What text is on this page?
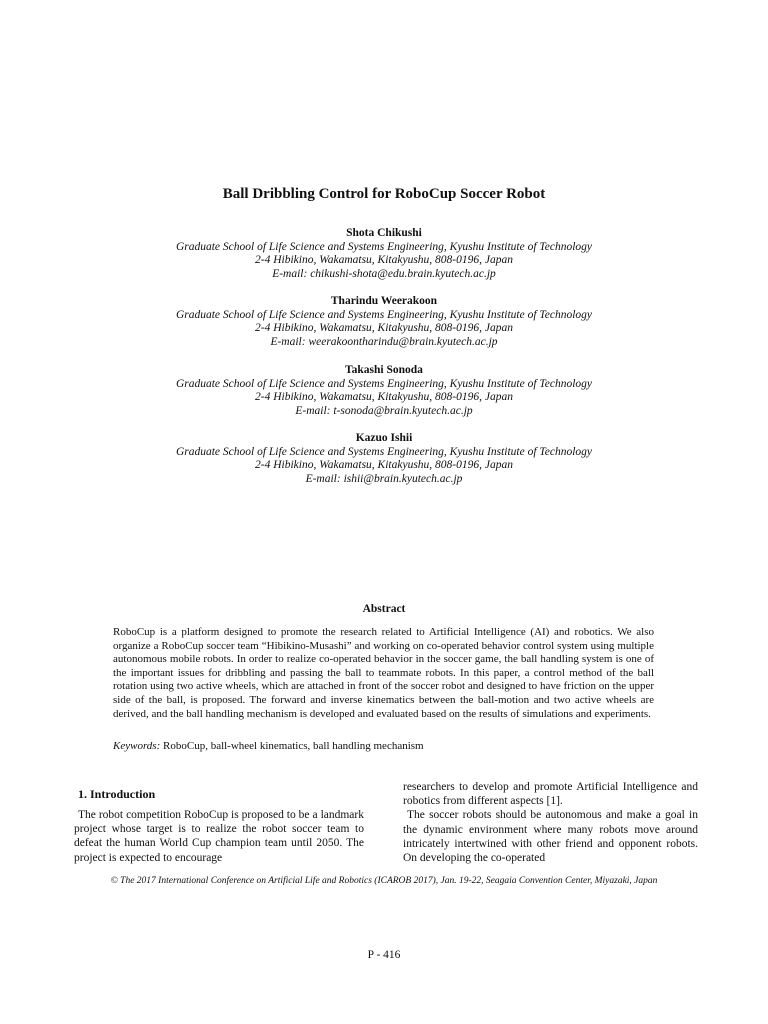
Ball Dribbling Control for RoboCup Soccer Robot
Shota Chikushi
Graduate School of Life Science and Systems Engineering, Kyushu Institute of Technology
2-4 Hibikino, Wakamatsu, Kitakyushu, 808-0196, Japan
E-mail: chikushi-shota@edu.brain.kyutech.ac.jp
Tharindu Weerakoon
Graduate School of Life Science and Systems Engineering, Kyushu Institute of Technology
2-4 Hibikino, Wakamatsu, Kitakyushu, 808-0196, Japan
E-mail: weerakoontharindu@brain.kyutech.ac.jp
Takashi Sonoda
Graduate School of Life Science and Systems Engineering, Kyushu Institute of Technology
2-4 Hibikino, Wakamatsu, Kitakyushu, 808-0196, Japan
E-mail: t-sonoda@brain.kyutech.ac.jp
Kazuo Ishii
Graduate School of Life Science and Systems Engineering, Kyushu Institute of Technology
2-4 Hibikino, Wakamatsu, Kitakyushu, 808-0196, Japan
E-mail: ishii@brain.kyutech.ac.jp
Abstract
RoboCup is a platform designed to promote the research related to Artificial Intelligence (AI) and robotics. We also organize a RoboCup soccer team “Hibikino-Musashi” and working on co-operated behavior control system using multiple autonomous mobile robots. In order to realize co-operated behavior in the soccer game, the ball handling system is one of the important issues for dribbling and passing the ball to teammate robots. In this paper, a control method of the ball rotation using two active wheels, which are attached in front of the soccer robot and designed to have friction on the upper side of the ball, is proposed. The forward and inverse kinematics between the ball-motion and two active wheels are derived, and the ball handling mechanism is developed and evaluated based on the results of simulations and experiments.
Keywords: RoboCup, ball-wheel kinematics, ball handling mechanism
1. Introduction

The robot competition RoboCup is proposed to be a landmark project whose target is to realize the robot soccer team to defeat the human World Cup champion team until 2050. The project is expected to encourage

researchers to develop and promote Artificial Intelligence and robotics from different aspects [1].

The soccer robots should be autonomous and make a goal in the dynamic environment where many robots move around intricately intertwined with other friend and opponent robots. On developing the co-operated

© The 2017 International Conference on Artificial Life and Robotics (ICAROB 2017), Jan. 19-22, Seagaia Convention Center, Miyazaki, Japan
P - 416
